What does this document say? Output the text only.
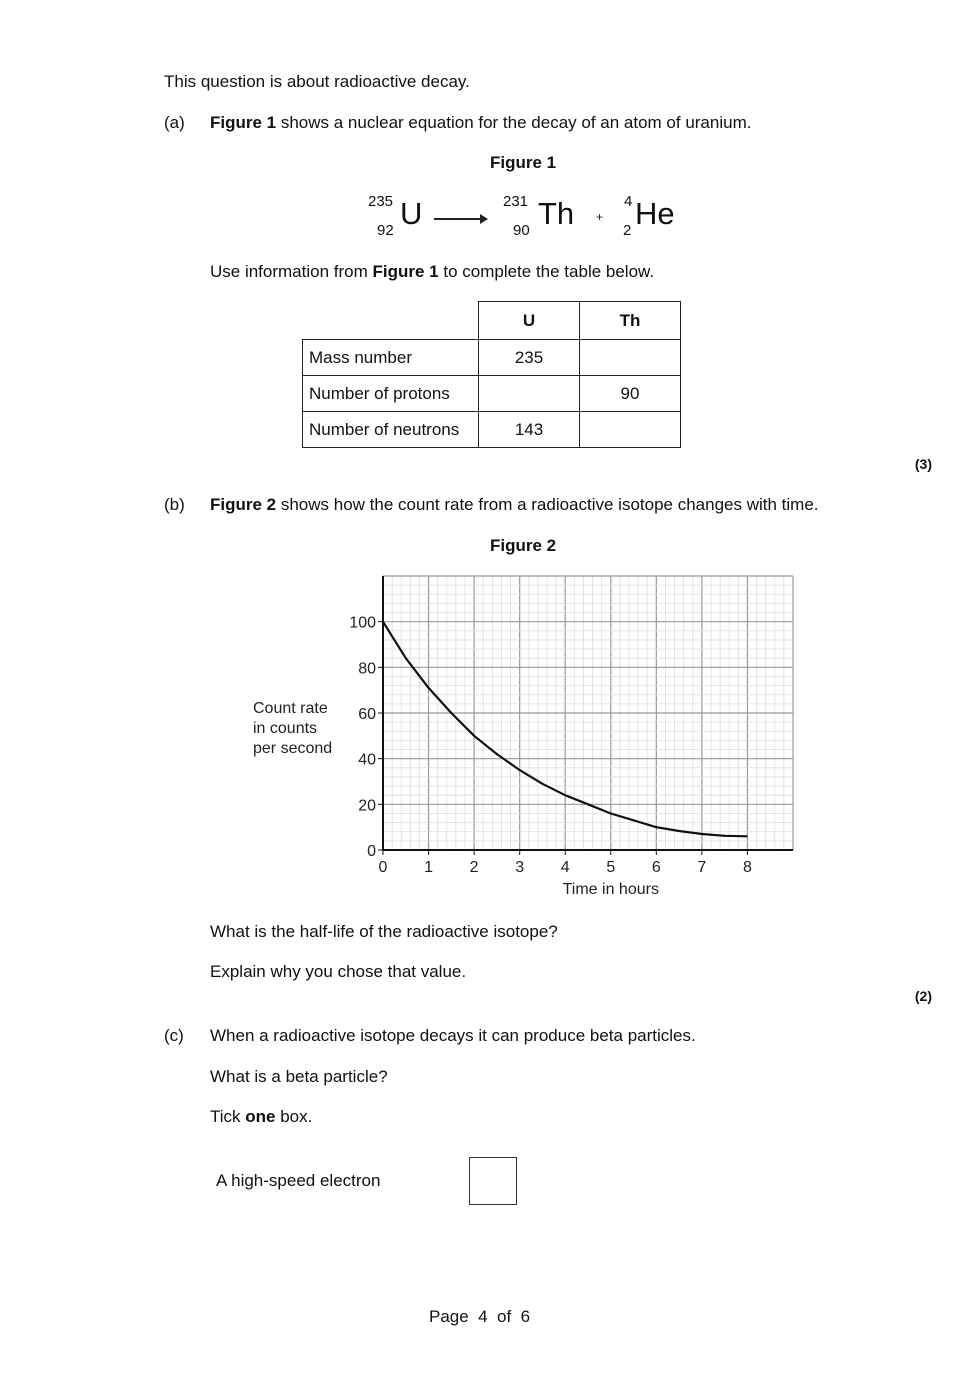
This question is about radioactive decay.
(a) Figure 1 shows a nuclear equation for the decay of an atom of uranium.
Figure 1
235
92 U	231
90 Th +
4
2 He
Use information from Figure 1 to complete the table below.
	U	Th
Mass number	235	
Number of protons		90
Number of neutrons	143	
(3)
(b) Figure 2 shows how the count rate from a radioactive isotope changes with time.
Figure 2
0 1 2 3 4 5 6 7 8
0
20
40
60
80
100
Time in hours
Count rate
in counts
per second
What is the half-life of the radioactive isotope?
Explain why you chose that value.
(2)
(c) When a radioactive isotope decays it can produce beta particles.
What is a beta particle?
Tick one box.
A high-speed electron
Page  4  of  6
